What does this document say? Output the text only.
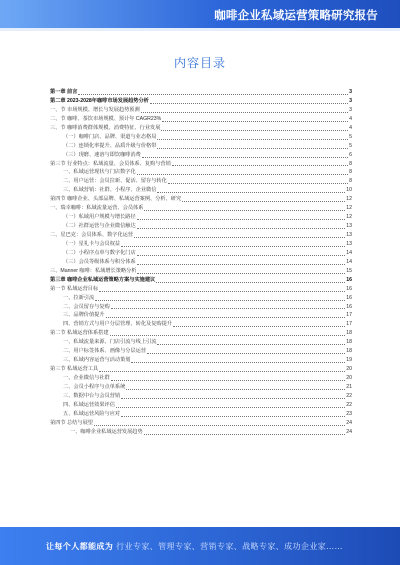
咖啡企业私域运营策略研究报告
内容目录
第一章 前言	3
第二章 2023-2028年咖啡市场发展趋势分析	3
一、节 市场规模、增长与发展趋势预测	3
二、节 咖啡、茶饮市场规模、预计年 CAGR23%	4
三、节 咖啡消费群体规模、消费特征、行业发展	4
（一）咖啡门店、品牌、渠道与业态格局	5
（二）连锁化率提升、品质升级与价格带	5
（三）现磨、速溶与即饮咖啡消费	6
第三节 行业特点：私域流量、会员体系、复购与营销	8
一、私域运营现状与门店数字化	8
二、用户运营：会员拉新、促活、留存与转化	8
三、私域营销：社群、小程序、企业微信	10
第四节 咖啡企业、头部品牌、私域运营案例、分析、研究	12
一、瑞幸咖啡：私域流量运营、会员体系	12
（一）私域用户规模与增长路径	12
（二）社群运营与企业微信触达	13
二、星巴克：会员体系、数字化运营	13
（一）星礼卡与会员权益	13
（二）小程序点单与数字化门店	14
（三）会员等级体系与积分体系	14
三、Manner 咖啡：私域增长策略分析	15
第三章 咖啡企业私域运营策略方案与实施建议	16
第一节 私域运营目标	16
一、拉新引流	16
二、会员留存与复购	16
三、品牌价值提升	17
四、营销方式与用户分层管理、转化及复购提升	17
第二节 私域运营体系搭建	18
一、私域流量来源、门店引流与线上引流	18
二、用户标签体系、画像与分层运营	18
三、私域内容运营与活动策划	19
第三节 私域运营工具	20
一、企业微信与社群	20
二、会员小程序与点单系统	21
三、数据中台与会员营销	22
四、私域运营效果评估	22
五、私域运营风险与应对	23
第四节 总结与展望	24
一、咖啡企业私域运营发展趋势	24
让每个人都能成为 行业专家、管理专家、营销专家、战略专家、成功企业家……
